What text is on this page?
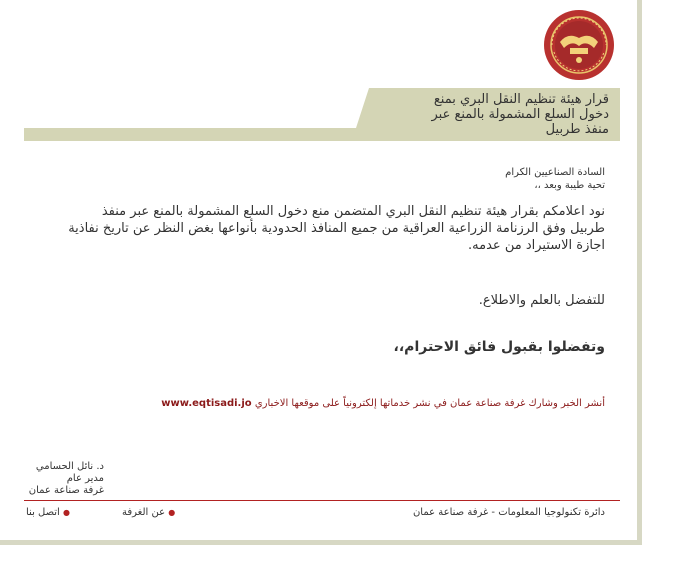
قرار هيئة تنظيم النقل البري بمنع
دخول السلع المشمولة بالمنع عبر
منفذ طربيل
السادة الصناعيين الكرام
تحية طيبة وبعد ،،
نود اعلامكم بقرار هيئة تنظيم النقل البري المتضمن منع دخول السلع المشمولة بالمنع عبر منفذ
طربيل وفق الرزنامة الزراعية العراقية من جميع المنافذ الحدودية بأنواعها بغض النظر عن تاريخ نفاذية
اجازة الاستيراد من عدمه.
للتفضل بالعلم والاطلاع.
وتفضلوا بقبول فائق الاحترام،،
أنشر الخبر وشارك غرفة صناعة عمان في نشر خدماتها إلكترونياً على موقعها الاخباري www.eqtisadi.jo
د. نائل الحسامي
مدير عام
غرفة صناعة عمان
دائرة تكنولوجيا المعلومات - غرفة صناعة عمان
● عن الغرفة
● اتصل بنا
